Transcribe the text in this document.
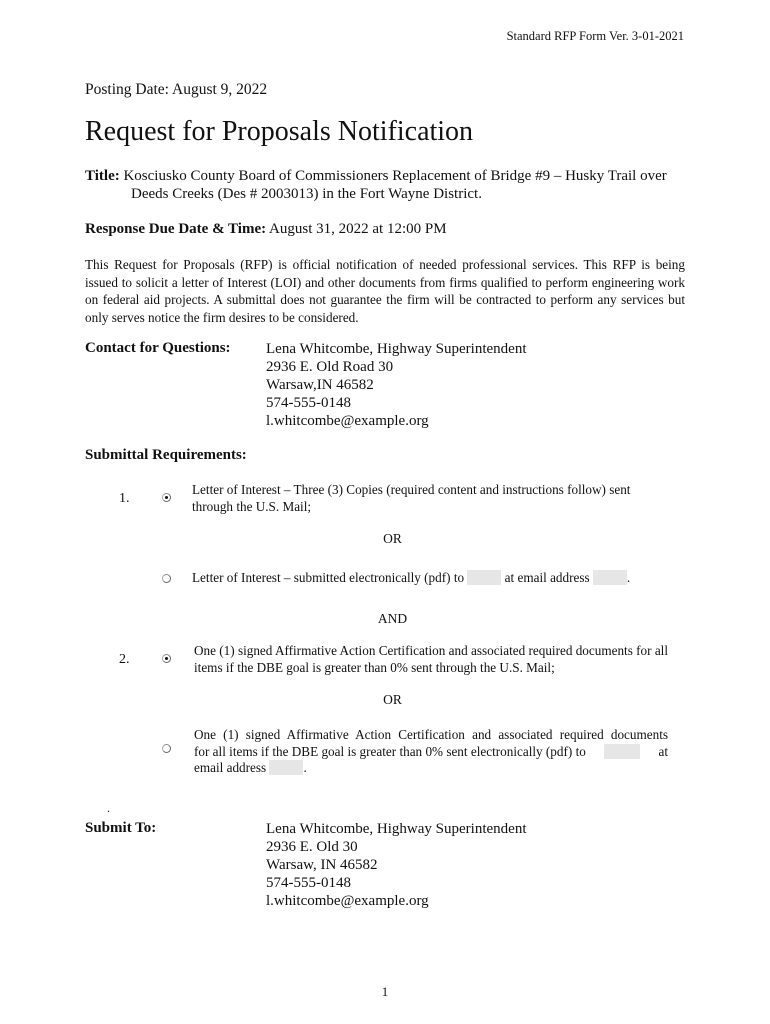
Standard RFP Form Ver. 3-01-2021
Posting Date: August 9, 2022
Request for Proposals Notification
Title: Kosciusko County Board of Commissioners Replacement of Bridge #9 – Husky Trail over
Deeds Creeks (Des # 2003013) in the Fort Wayne District.
Response Due Date & Time: August 31, 2022 at 12:00 PM
This Request for Proposals (RFP) is official notification of needed professional services. This RFP is being issued to solicit a letter of Interest (LOI) and other documents from firms qualified to perform engineering work on federal aid projects. A submittal does not guarantee the firm will be contracted to perform any services but only serves notice the firm desires to be considered.
Contact for Questions: Lena Whitcombe, Highway Superintendent
2936 E. Old Road 30
Warsaw,IN 46582
574-555-0148
l.whitcombe@example.org
Submittal Requirements:
1.
Letter of Interest – Three (3) Copies (required content and instructions follow) sent through the U.S. Mail;
OR
Letter of Interest – submitted electronically (pdf) to	at email address	.
AND
2.
One (1) signed Affirmative Action Certification and associated required documents for all items if the DBE goal is greater than 0% sent through the U.S. Mail;
OR
One (1) signed Affirmative Action Certification and associated required documents
for all items if the DBE goal is greater than 0% sent electronically (pdf) to	at
email address	.
.
Submit To:	Lena Whitcombe, Highway Superintendent
2936 E. Old 30
Warsaw, IN 46582
574-555-0148
l.whitcombe@example.org
1
